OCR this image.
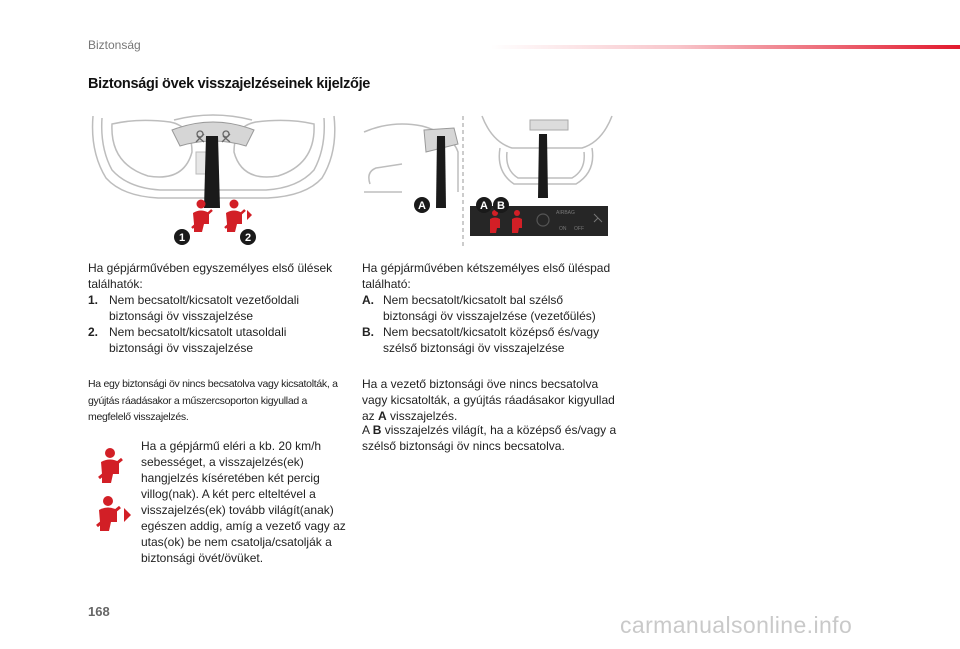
Biztonság
Biztonsági övek visszajelzéseinek kijelzője
1	2
A
AIRBAG
ON OFF
A B
Ha gépjárművében egyszemélyes első ülések találhatók:
1. Nem becsatolt/kicsatolt vezetőoldali biztonsági öv visszajelzése
2. Nem becsatolt/kicsatolt utasoldali biztonsági öv visszajelzése
Ha egy biztonsági öv nincs becsatolva vagy kicsatolták, a gyújtás ráadásakor a műszercsoporton kigyullad a megfelelő visszajelzés.
Ha a gépjármű eléri a kb. 20 km/h sebességet, a visszajelzés(ek) hangjelzés kíséretében két percig villog(nak). A két perc elteltével a visszajelzés(ek) tovább világít(anak) egészen addig, amíg a vezető vagy az utas(ok) be nem csatolja/csatolják a biztonsági övét/övüket.
Ha gépjárművében kétszemélyes első üléspad található:
A. Nem becsatolt/kicsatolt bal szélső biztonsági öv visszajelzése (vezetőülés)
B. Nem becsatolt/kicsatolt középső és/vagy szélső biztonsági öv visszajelzése
Ha a vezető biztonsági öve nincs becsatolva vagy kicsatolták, a gyújtás ráadásakor kigyullad az A visszajelzés.
A B visszajelzés világít, ha a középső és/vagy a szélső biztonsági öv nincs becsatolva.
168
carmanualsonline.info
